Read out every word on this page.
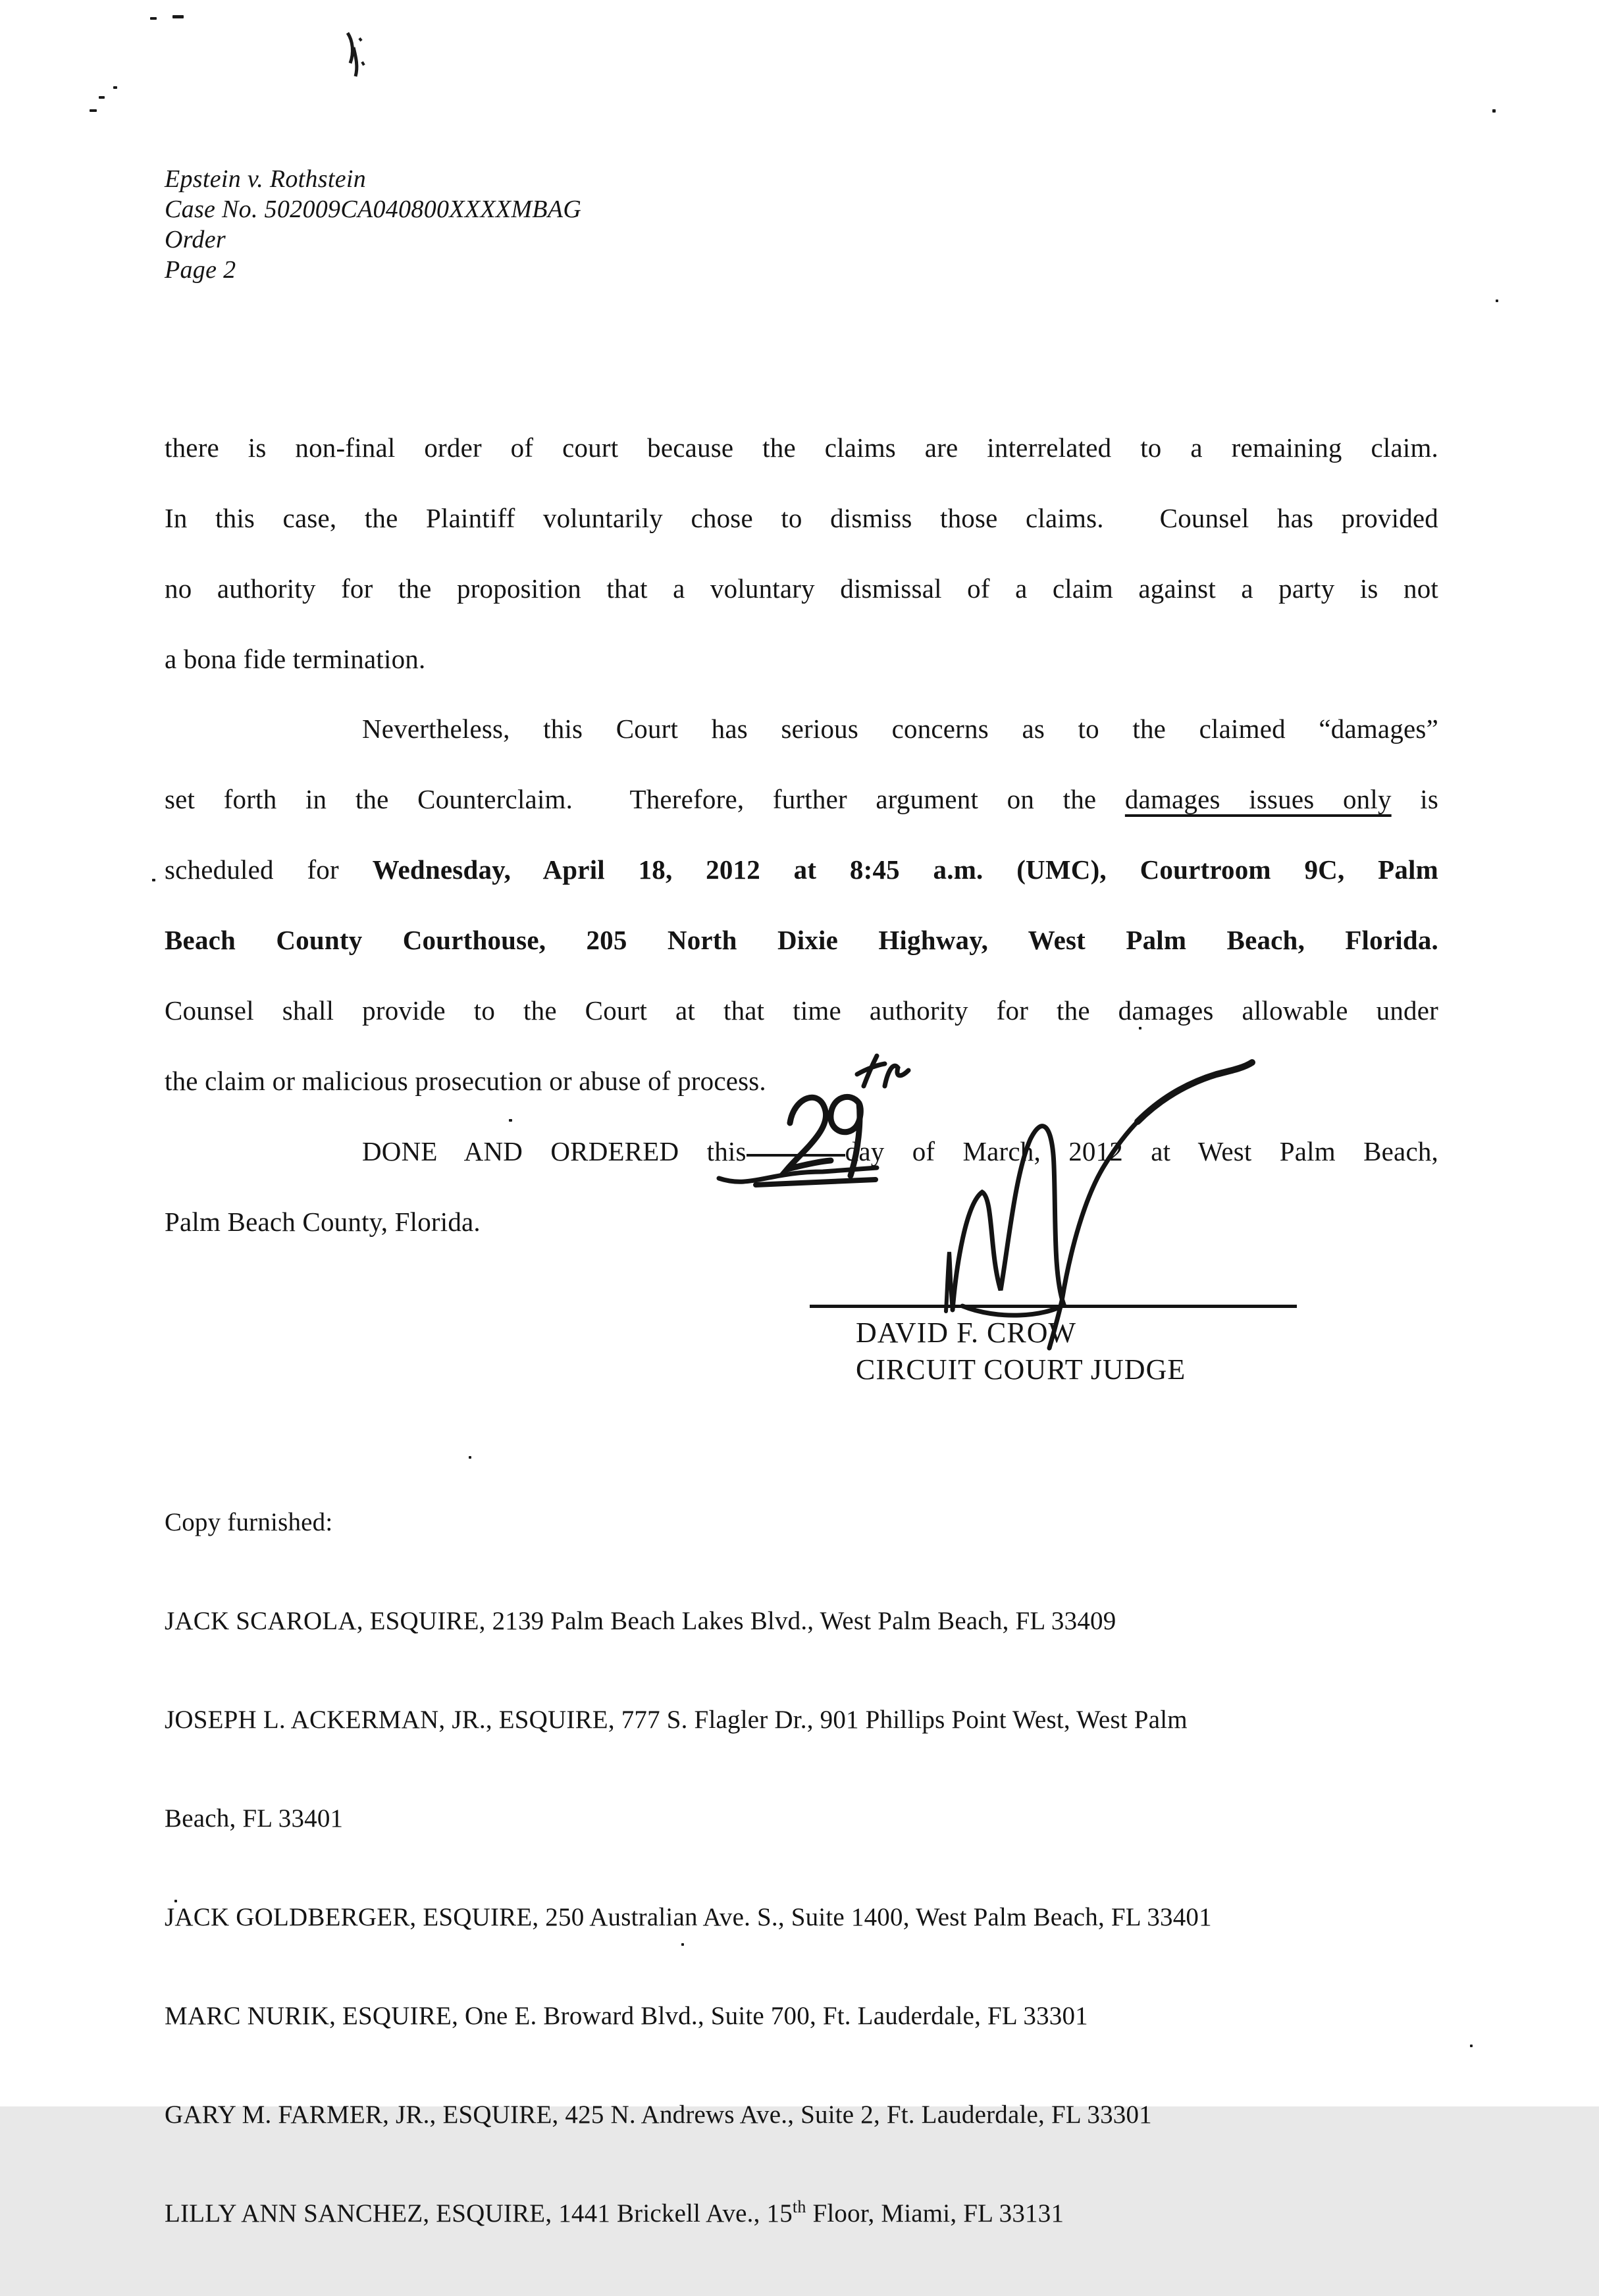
Epstein v. Rothstein
Case No. 502009CA040800XXXXMBAG
Order
Page 2
there is non-final order of court because the claims are interrelated to a remaining claim.
In this case, the Plaintiff voluntarily chose to dismiss those claims.  Counsel has provided
no authority for the proposition that a voluntary dismissal of a claim against a party is not
a bona fide termination.
Nevertheless, this Court has serious concerns as to the claimed “damages”
set forth in the Counterclaim.  Therefore, further argument on the damages issues only is
scheduled for Wednesday, April 18, 2012 at 8:45 a.m. (UMC), Courtroom 9C, Palm
Beach County Courthouse, 205 North Dixie Highway, West Palm Beach, Florida.
Counsel shall provide to the Court at that time authority for the damages allowable under
the claim or malicious prosecution or abuse of process.
DONE AND ORDERED this	day of March, 2012 at West Palm Beach,
Palm Beach County, Florida.
DAVID F. CROW
CIRCUIT COURT JUDGE

Copy furnished:

JACK SCAROLA, ESQUIRE, 2139 Palm Beach Lakes Blvd., West Palm Beach, FL 33409

JOSEPH L. ACKERMAN, JR., ESQUIRE, 777 S. Flagler Dr., 901 Phillips Point West, West Palm

Beach, FL 33401

JACK GOLDBERGER, ESQUIRE, 250 Australian Ave. S., Suite 1400, West Palm Beach, FL 33401

MARC NURIK, ESQUIRE, One E. Broward Blvd., Suite 700, Ft. Lauderdale, FL 33301

GARY M. FARMER, JR., ESQUIRE, 425 N. Andrews Ave., Suite 2, Ft. Lauderdale, FL 33301

LILLY ANN SANCHEZ, ESQUIRE, 1441 Brickell Ave., 15th Floor, Miami, FL 33131
